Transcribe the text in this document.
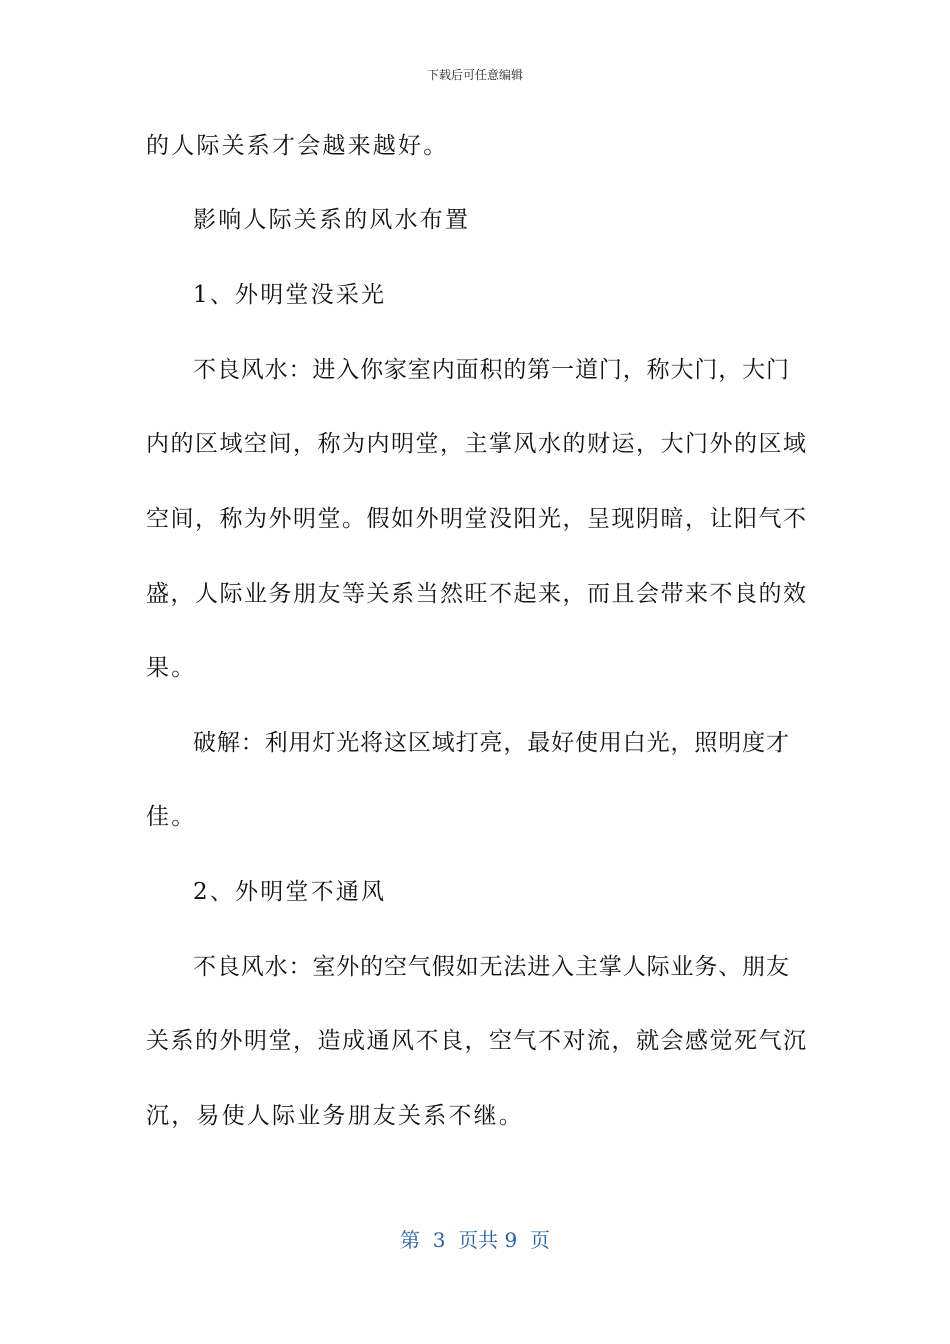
下载后可任意编辑
的人际关系才会越来越好。
影响人际关系的风水布置
1、外明堂没采光
不良风水：进入你家室内面积的第一道门，称大门，大门
内的区域空间，称为内明堂，主掌风水的财运，大门外的区域
空间，称为外明堂。假如外明堂没阳光，呈现阴暗，让阳气不
盛，人际业务朋友等关系当然旺不起来，而且会带来不良的效
果。
破解：利用灯光将这区域打亮，最好使用白光，照明度才
佳。
2、外明堂不通风
不良风水：室外的空气假如无法进入主掌人际业务、朋友
关系的外明堂，造成通风不良，空气不对流，就会感觉死气沉
沉，易使人际业务朋友关系不继。
第  3  页共 9  页
